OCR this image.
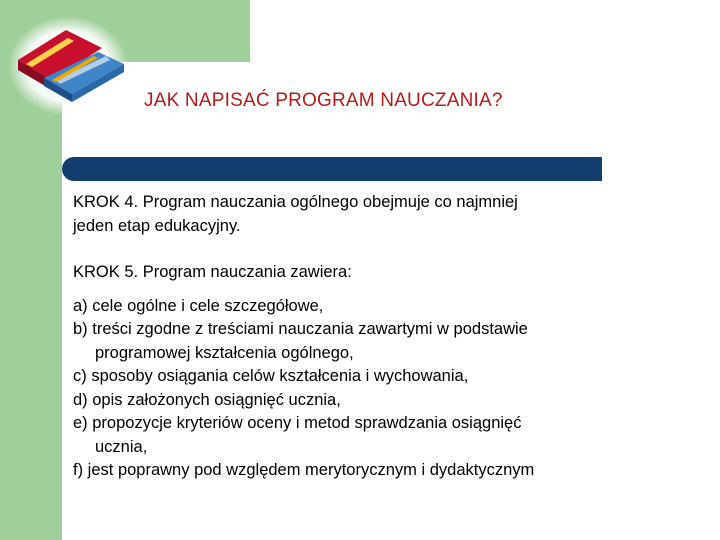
JAK NAPISAĆ PROGRAM NAUCZANIA?

KROK 4. Program nauczania ogólnego obejmuje co najmniej
jeden etap edukacyjny.

KROK 5. Program nauczania zawiera:

a) cele ogólne i cele szczegółowe,

b) treści zgodne z treściami nauczania zawartymi w podstawie
programowej kształcenia ogólnego,

c) sposoby osiągania celów kształcenia i wychowania,

d) opis założonych osiągnięć ucznia,

e) propozycje kryteriów oceny i metod sprawdzania osiągnięć
ucznia,

f) jest poprawny pod względem merytorycznym i dydaktycznym
